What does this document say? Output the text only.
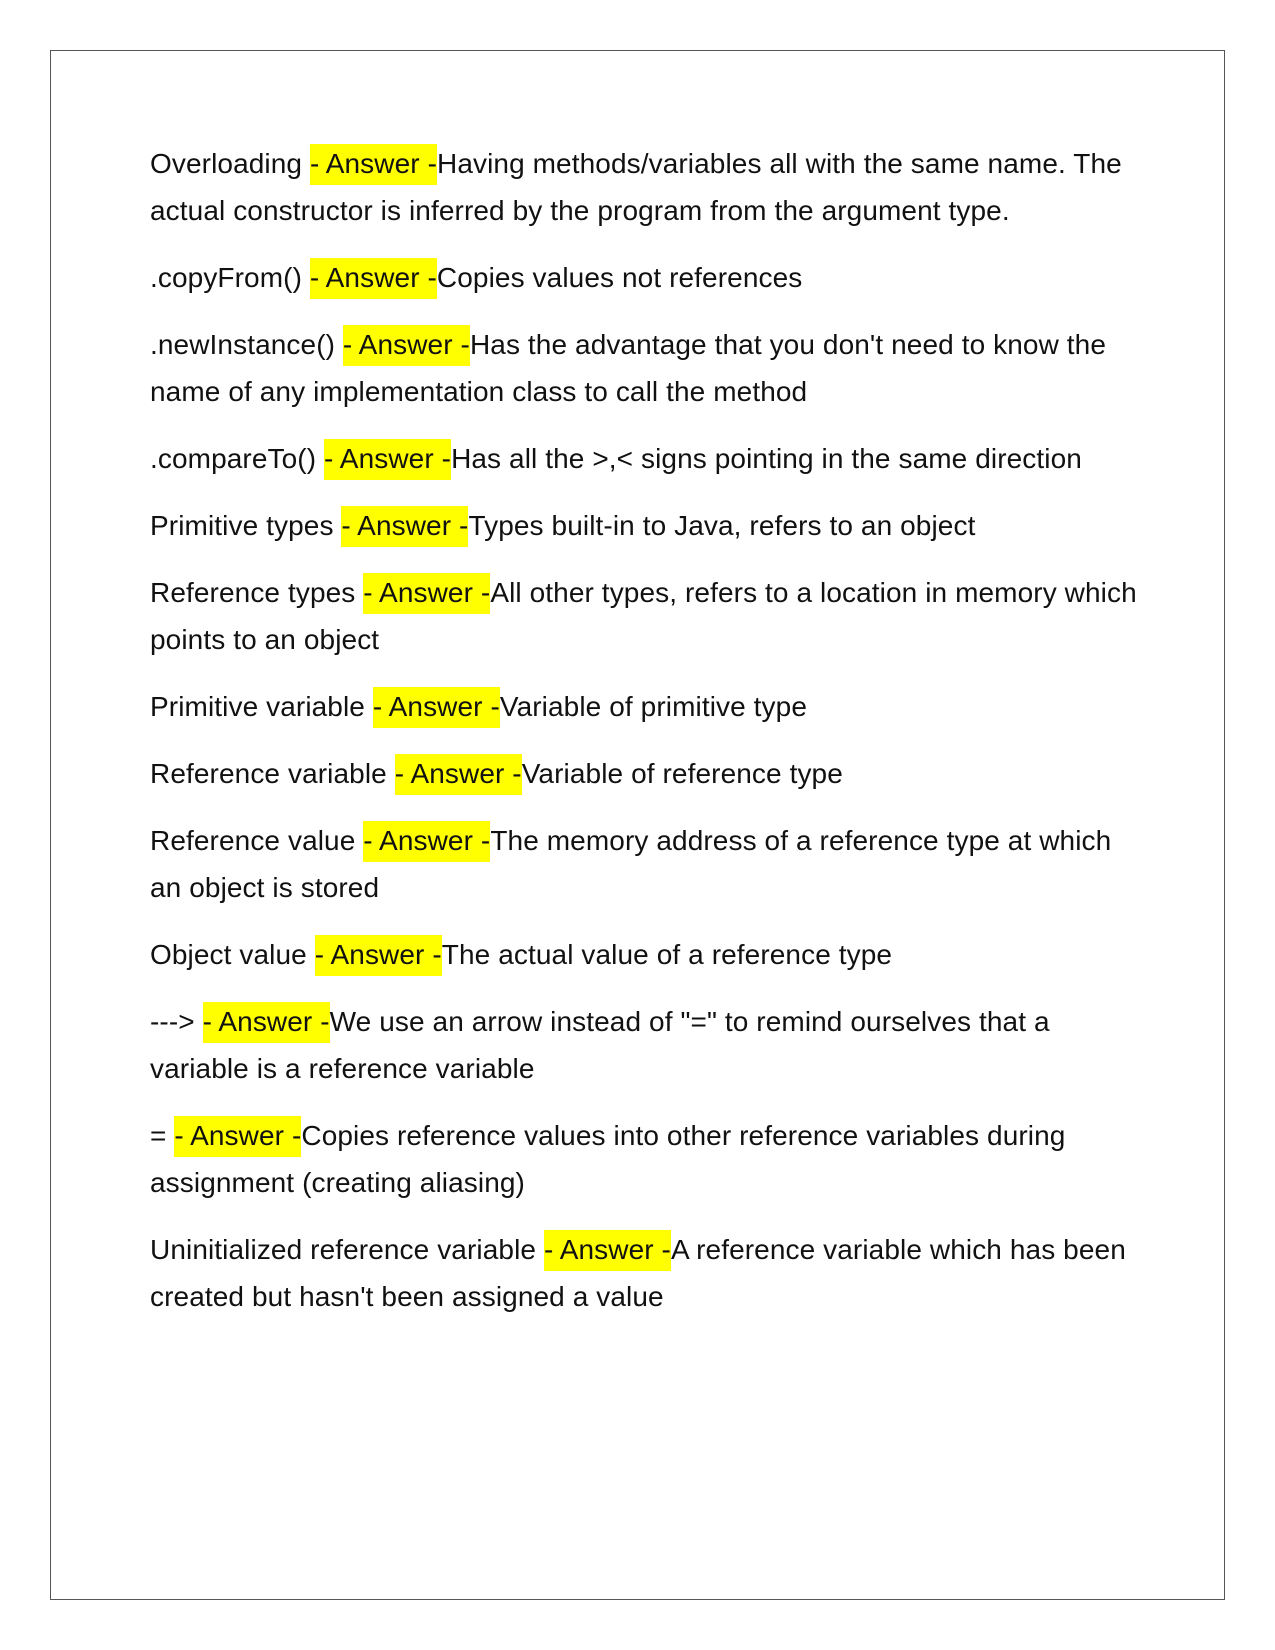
Overloading - Answer -Having methods/variables all with the same name. The actual constructor is inferred by the program from the argument type.

.copyFrom() - Answer -Copies values not references

.newInstance() - Answer -Has the advantage that you don't need to know the name of any implementation class to call the method

.compareTo() - Answer -Has all the >,< signs pointing in the same direction

Primitive types - Answer -Types built-in to Java, refers to an object

Reference types - Answer -All other types, refers to a location in memory which points to an object

Primitive variable - Answer -Variable of primitive type

Reference variable - Answer -Variable of reference type

Reference value - Answer -The memory address of a reference type at which an object is stored

Object value - Answer -The actual value of a reference type

---> - Answer -We use an arrow instead of "=" to remind ourselves that a variable is a reference variable

= - Answer -Copies reference values into other reference variables during assignment (creating aliasing)

Uninitialized reference variable - Answer -A reference variable which has been created but hasn't been assigned a value
